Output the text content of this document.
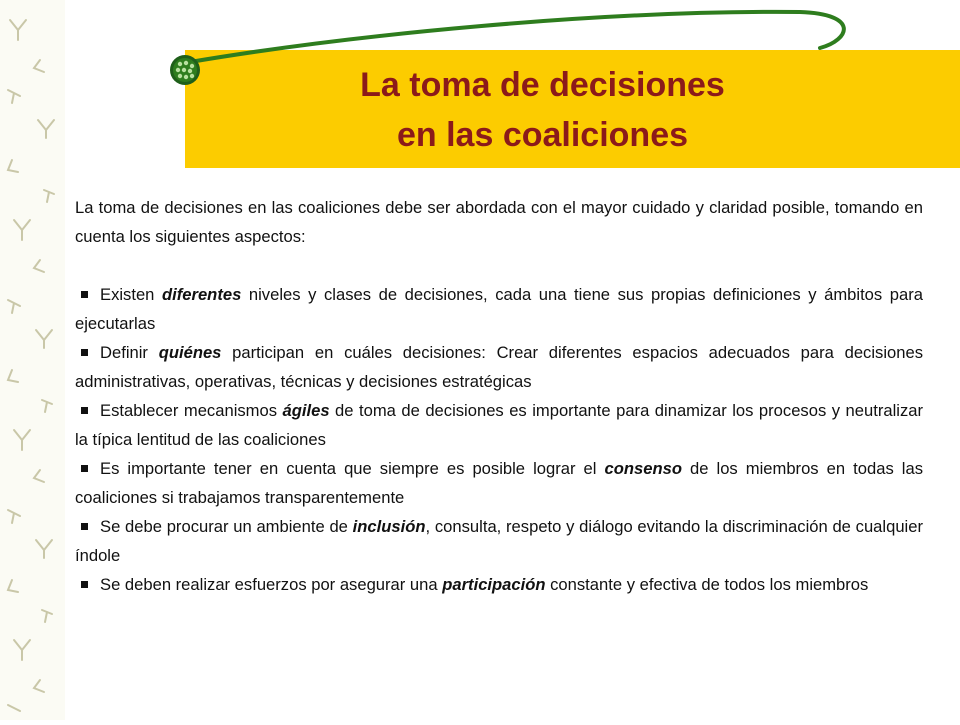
La toma de decisiones
en las coaliciones

La toma de decisiones en las coaliciones debe ser abordada con el mayor cuidado y claridad posible, tomando en cuenta los siguientes aspectos:

Existen diferentes niveles y clases de decisiones, cada una tiene sus propias definiciones y ámbitos para ejecutarlas
Definir quiénes participan en cuáles decisiones: Crear diferentes espacios adecuados para decisiones administrativas, operativas, técnicas y decisiones estratégicas
Establecer mecanismos ágiles de toma de decisiones es importante para dinamizar los procesos y neutralizar la típica lentitud de las coaliciones
Es importante tener en cuenta que siempre es posible lograr el consenso de los miembros en todas las coaliciones si trabajamos transparentemente
Se debe procurar un ambiente de inclusión, consulta, respeto y diálogo evitando la discriminación de cualquier índole
Se deben realizar esfuerzos por asegurar una participación constante y efectiva de todos los miembros
